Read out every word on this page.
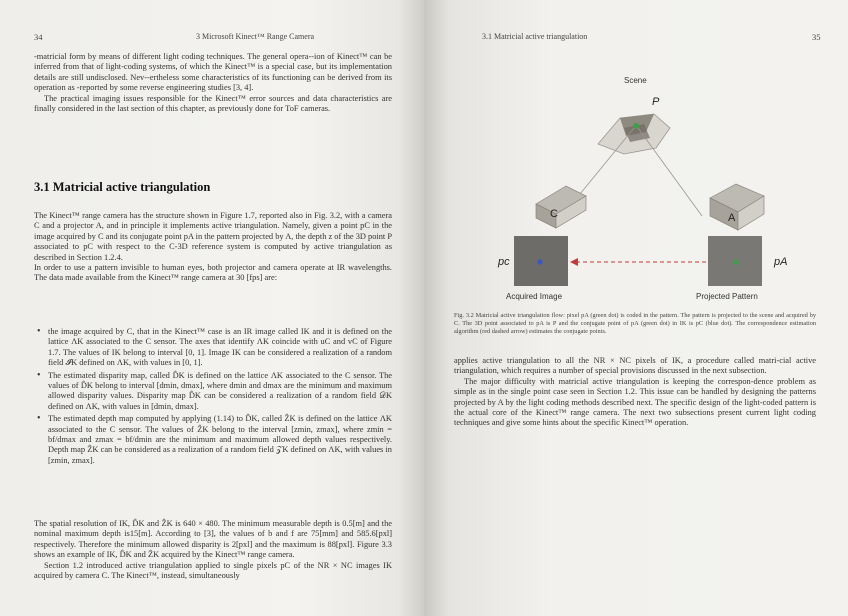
34	3 Microsoft Kinect™ Range Camera

-matricial form by means of different light coding techniques. The general opera--ion of Kinect™ can be inferred from that of light-coding systems, of which the Kinect™ is a special case, but its implementation details are still undisclosed. Nev--ertheless some characteristics of its functioning can be derived from its operation as -reported by some reverse engineering studies [3, 4].

The practical imaging issues responsible for the Kinect™ error sources and data characteristics are finally considered in the last section of this chapter, as previously done for ToF cameras.

3.1 Matricial active triangulation

The Kinect™ range camera has the structure shown in Figure 1.7, reported also in Fig. 3.2, with a camera C and a projector A, and in principle it implements active triangulation. Namely, given a point pC in the image acquired by C and its conjugate point pA in the pattern projected by A, the depth z of the 3D point P associated to pC with respect to the C-3D reference system is computed by active triangulation as described in Section 1.2.4.

In order to use a pattern invisible to human eyes, both projector and camera operate at IR wavelengths. The data made available from the Kinect™ range camera at 30 [fps] are:

• the image acquired by C, that in the Kinect™ case is an IR image called IK and it is defined on the lattice ΛK associated to the C sensor. The axes that identify ΛK coincide with uC and vC of Figure 1.7. The values of IK belong to interval [0, 1]. Image IK can be considered a realization of a random field 𝓘K defined on ΛK, with values in [0, 1].
• The estimated disparity map, called D̂K is defined on the lattice ΛK associated to the C sensor. The values of D̂K belong to interval [dmin, dmax], where dmin and dmax are the minimum and maximum allowed disparity values. Disparity map D̂K can be considered a realization of a random field 𝒟K defined on ΛK, with values in [dmin, dmax].
• The estimated depth map computed by applying (1.14) to D̂K, called ẐK is defined on the lattice ΛK associated to the C sensor. The values of ẐK belong to the interval [zmin, zmax], where zmin = bf/dmax and zmax = bf/dmin are the minimum and maximum allowed depth values respectively. Depth map ẐK can be considered as a realization of a random field 𝒵K defined on ΛK, with values in [zmin, zmax].

The spatial resolution of IK, D̂K and ẐK is 640 × 480. The minimum measurable depth is 0.5[m] and the nominal maximum depth is15[m]. According to [3], the values of b and f are 75[mm] and 585.6[pxl] respectively. Therefore the minimum allowed disparity is 2[pxl] and the maximum is 88[pxl]. Figure 3.3 shows an example of IK, D̂K and ẐK acquired by the Kinect™ range camera.

Section 1.2 introduced active triangulation applied to single pixels pC of the NR × NC images IK acquired by camera C. The Kinect™, instead, simultaneously

3.1 Matricial active triangulation	35
Scene
P
C	A
pc	pA
Acquired Image	Projected Pattern
Fig. 3.2 Matricial active triangulation flow: pixel pA (green dot) is coded in the pattern. The pattern is projected to the scene and acquired by C. The 3D point associated to pA is P and the conjugate point of pA (green dot) in IK is pC (blue dot). The correspondence estimation algorithm (red dashed arrow) estimates the conjugate points.

applies active triangulation to all the NR × NC pixels of IK, a procedure called matri-cial active triangulation, which requires a number of special provisions discussed in the next subsection.

The major difficulty with matricial active triangulation is keeping the correspon-dence problem as simple as in the single point case seen in Section 1.2. This issue can be handled by designing the patterns projected by A by the light coding methods described next. The specific design of the light-coded pattern is the actual core of the Kinect™ range camera. The next two subsections present current light coding techniques and give some hints about the specific Kinect™ operation.
